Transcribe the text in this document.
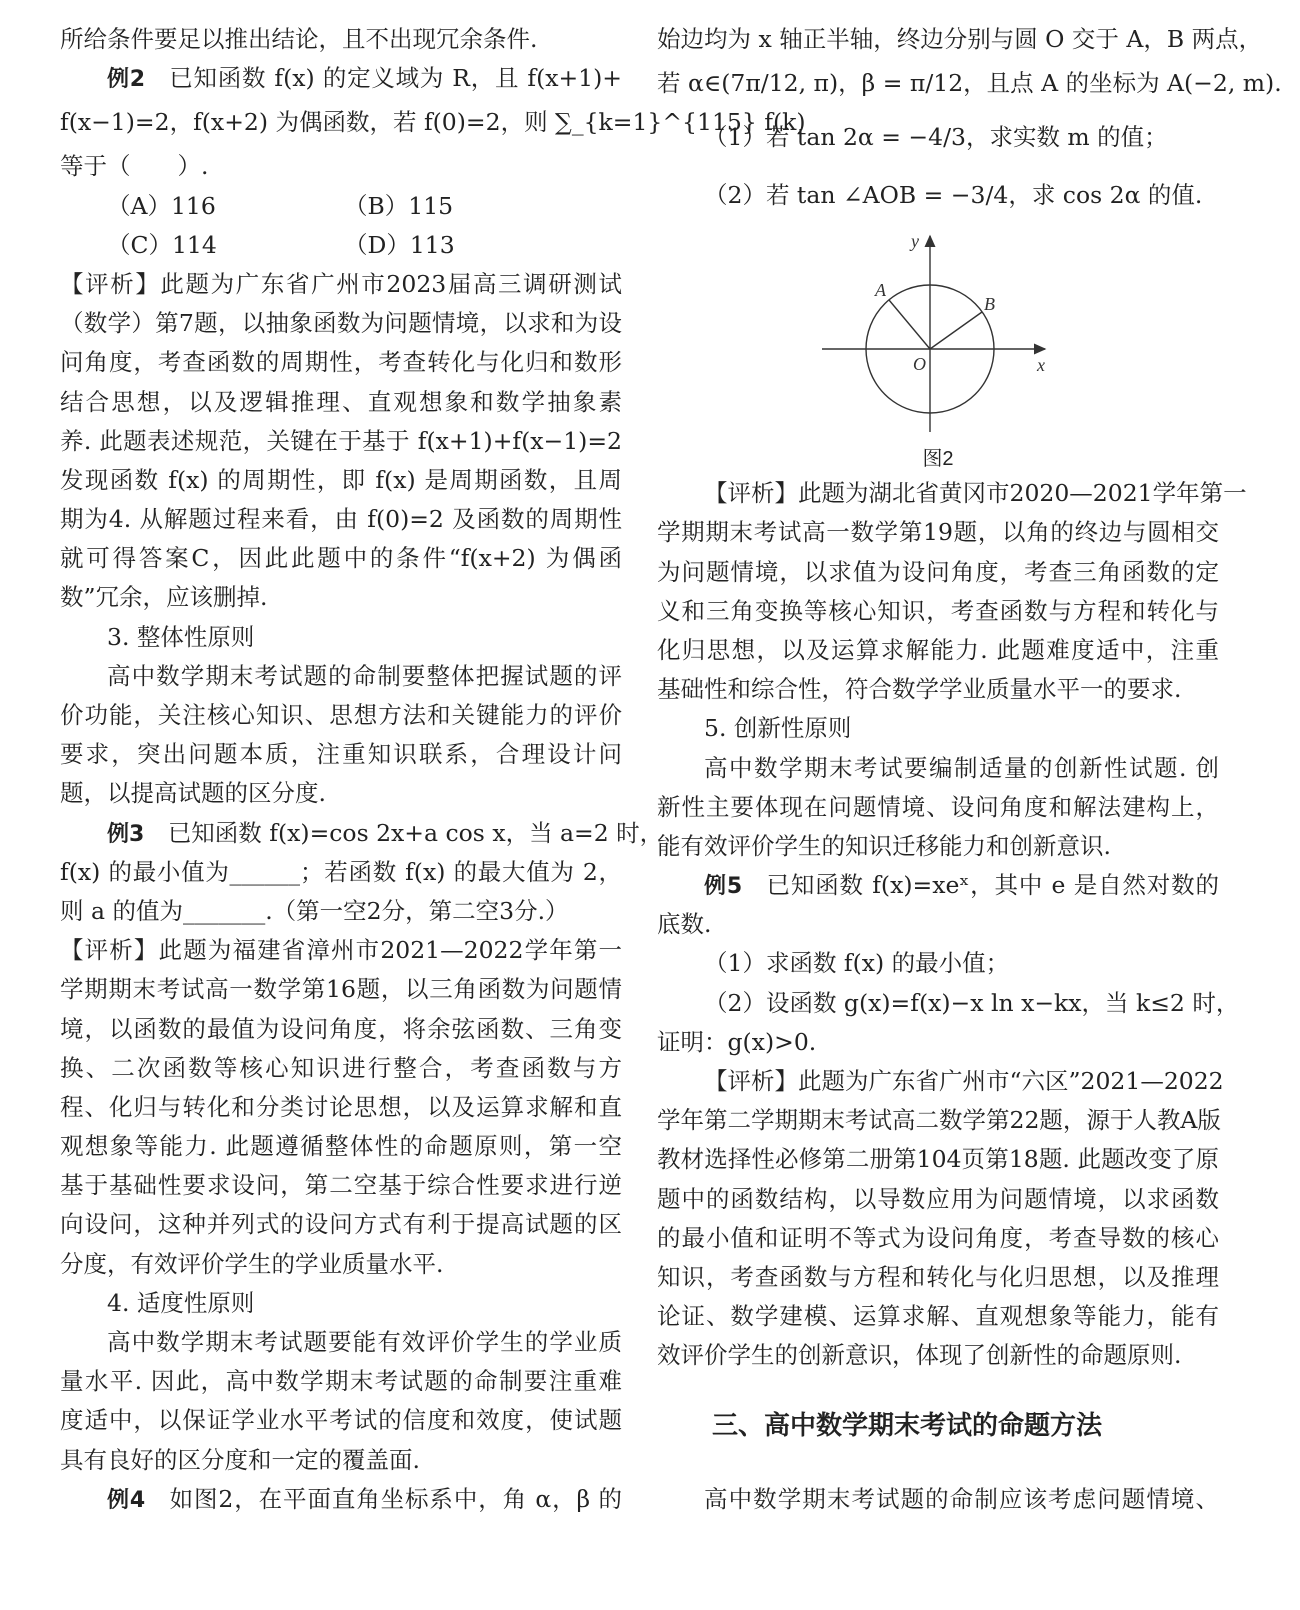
所给条件要足以推出结论，且不出现冗余条件.
例2  已知函数 f(x) 的定义域为 R，且 f(x+1)+
f(x−1)=2，f(x+2) 为偶函数，若 f(0)=2，则 ∑_{k=1}^{115} f(k)
等于（　　）.
（A）116	（B）115
（C）114	（D）113
【评析】此题为广东省广州市2023届高三调研测试
（数学）第7题，以抽象函数为问题情境，以求和为设
问角度，考查函数的周期性，考查转化与化归和数形
结合思想，以及逻辑推理、直观想象和数学抽象素
养. 此题表述规范，关键在于基于 f(x+1)+f(x−1)=2
发现函数 f(x) 的周期性，即 f(x) 是周期函数，且周
期为4. 从解题过程来看，由 f(0)=2 及函数的周期性
就可得答案C，因此此题中的条件“f(x+2) 为偶函
数”冗余，应该删掉.
3. 整体性原则
高中数学期末考试题的命制要整体把握试题的评
价功能，关注核心知识、思想方法和关键能力的评价
要求，突出问题本质，注重知识联系，合理设计问
题，以提高试题的区分度.
例3  已知函数 f(x)=cos 2x+a cos x，当 a=2 时，
f(x) 的最小值为______；若函数 f(x) 的最大值为 2，
则 a 的值为_______.（第一空2分，第二空3分.）
【评析】此题为福建省漳州市2021—2022学年第一
学期期末考试高一数学第16题，以三角函数为问题情
境，以函数的最值为设问角度，将余弦函数、三角变
换、二次函数等核心知识进行整合，考查函数与方
程、化归与转化和分类讨论思想，以及运算求解和直
观想象等能力. 此题遵循整体性的命题原则，第一空
基于基础性要求设问，第二空基于综合性要求进行逆
向设问，这种并列式的设问方式有利于提高试题的区
分度，有效评价学生的学业质量水平.
4. 适度性原则
高中数学期末考试题要能有效评价学生的学业质
量水平. 因此，高中数学期末考试题的命制要注重难
度适中，以保证学业水平考试的信度和效度，使试题
具有良好的区分度和一定的覆盖面.
例4  如图2，在平面直角坐标系中，角 α，β 的
始边均为 x 轴正半轴，终边分别与圆 O 交于 A，B 两点，
若 α∈(7π/12, π)，β = π/12，且点 A 的坐标为 A(−2, m).
（1）若 tan 2α = −4/3，求实数 m 的值；
（2）若 tan ∠AOB = −3/4，求 cos 2α 的值.
y
x
O
A
B
图2
【评析】此题为湖北省黄冈市2020—2021学年第一
学期期末考试高一数学第19题，以角的终边与圆相交
为问题情境，以求值为设问角度，考查三角函数的定
义和三角变换等核心知识，考查函数与方程和转化与
化归思想，以及运算求解能力. 此题难度适中，注重
基础性和综合性，符合数学学业质量水平一的要求.
5. 创新性原则
高中数学期末考试要编制适量的创新性试题. 创
新性主要体现在问题情境、设问角度和解法建构上，
能有效评价学生的知识迁移能力和创新意识.
例5  已知函数 f(x)=xeˣ，其中 e 是自然对数的
底数.
（1）求函数 f(x) 的最小值；
（2）设函数 g(x)=f(x)−x ln x−kx，当 k≤2 时，
证明：g(x)>0.
【评析】此题为广东省广州市“六区”2021—2022
学年第二学期期末考试高二数学第22题，源于人教A版
教材选择性必修第二册第104页第18题. 此题改变了原
题中的函数结构，以导数应用为问题情境，以求函数
的最小值和证明不等式为设问角度，考查导数的核心
知识，考查函数与方程和转化与化归思想，以及推理
论证、数学建模、运算求解、直观想象等能力，能有
效评价学生的创新意识，体现了创新性的命题原则.
三、高中数学期末考试的命题方法
高中数学期末考试题的命制应该考虑问题情境、
